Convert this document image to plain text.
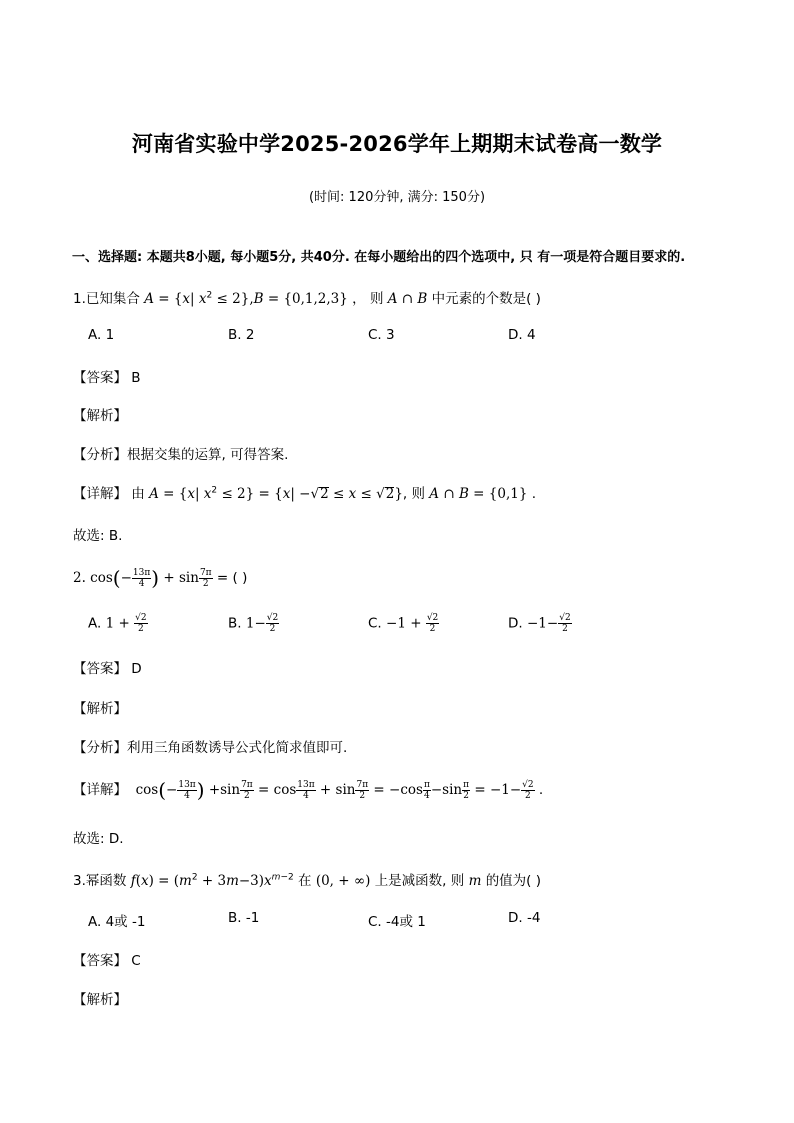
河南省实验中学2025-2026学年上期期末试卷高一数学
(时间: 120分钟, 满分: 150分)
一、选择题: 本题共8小题, 每小题5分, 共40分. 在每小题给出的四个选项中, 只 有一项是符合题目要求的.
1.已知集合 A = {x| $x^2 \le 2\},B = \{0,1,2,3\}$ ， 则 A ∩ B 中元素的个数是( )
A. 1	B. 2	C. 3	D. 4
【答案】 B
【解析】
【分析】根据交集的运算, 可得答案.
【详解】 由 A = {x| $x^2 \le 2\} = \{x| -√2 \le x \le √2\}$, 则 A ∩ B = {0,1} .
故选: B.
2. $\cos(- \frac{13\pi}{4}$ ) + $\sin \frac{7\pi}{2}$ = ( )
A. $1 + \frac{√2}{2}$	B. $1- \frac{√2}{2}$	C. $-1 + \frac{√2}{2}$	D. $-1- \frac{√2}{2}$
【答案】 D
【解析】
【分析】利用三角函数诱导公式化简求值即可.
【详解】  $\cos(- \frac{13\pi}{4}$ ) $+\sin \frac{7\pi}{2} = \cos \frac{13\pi}{4} + \sin \frac{7\pi}{2} = -\cos \frac{\pi}{4} -\sin \frac{\pi}{2} = -1- \frac{√2}{2}$ .
故选: D.
3.幂函数 $f(x) = (m^2 + 3m-3)x^{m-2}$ 在 (0, + ∞) 上是减函数, 则 m 的值为( )
A. 4或 -1	B. -1	C. -4或 1	D. -4
【答案】 C
【解析】
